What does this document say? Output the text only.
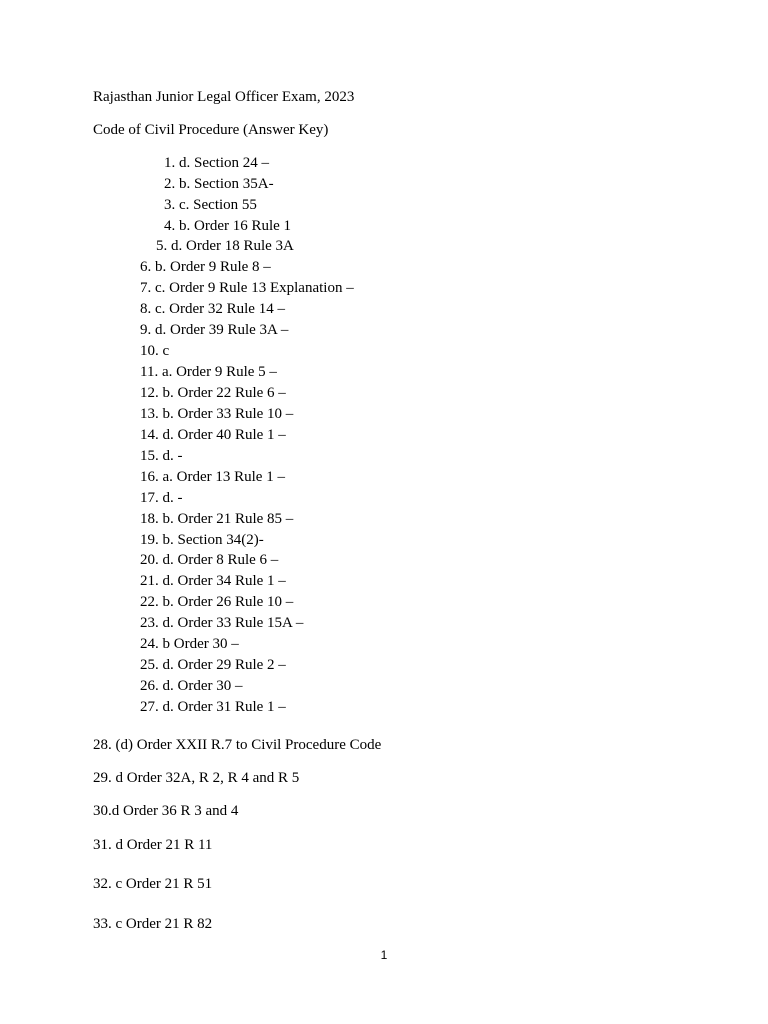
Rajasthan Junior Legal Officer Exam, 2023
Code of Civil Procedure (Answer Key)
1. d. Section 24 –
2. b. Section 35A-
3. c. Section 55
4. b. Order 16 Rule 1
5. d. Order 18 Rule 3A
6. b. Order 9 Rule 8 –
7. c. Order 9 Rule 13 Explanation –
8. c. Order 32 Rule 14 –
9. d. Order 39 Rule 3A –
10. c
11. a. Order 9 Rule 5 –
12. b. Order 22 Rule 6 –
13. b. Order 33 Rule 10 –
14. d. Order 40 Rule 1 –
15. d. -
16. a. Order 13 Rule 1 –
17. d. -
18. b. Order 21 Rule 85 –
19. b. Section 34(2)-
20. d. Order 8 Rule 6 –
21. d. Order 34 Rule 1 –
22. b. Order 26 Rule 10 –
23. d. Order 33 Rule 15A –
24. b Order 30 –
25. d. Order 29 Rule 2 –
26. d. Order 30 –
27. d. Order 31 Rule 1 –
28. (d) Order XXII R.7 to Civil Procedure Code
29. d Order 32A, R 2, R 4 and R 5
30.d Order 36 R 3 and 4
31. d Order 21 R 11
32. c Order 21 R 51
33. c Order 21 R 82
1
